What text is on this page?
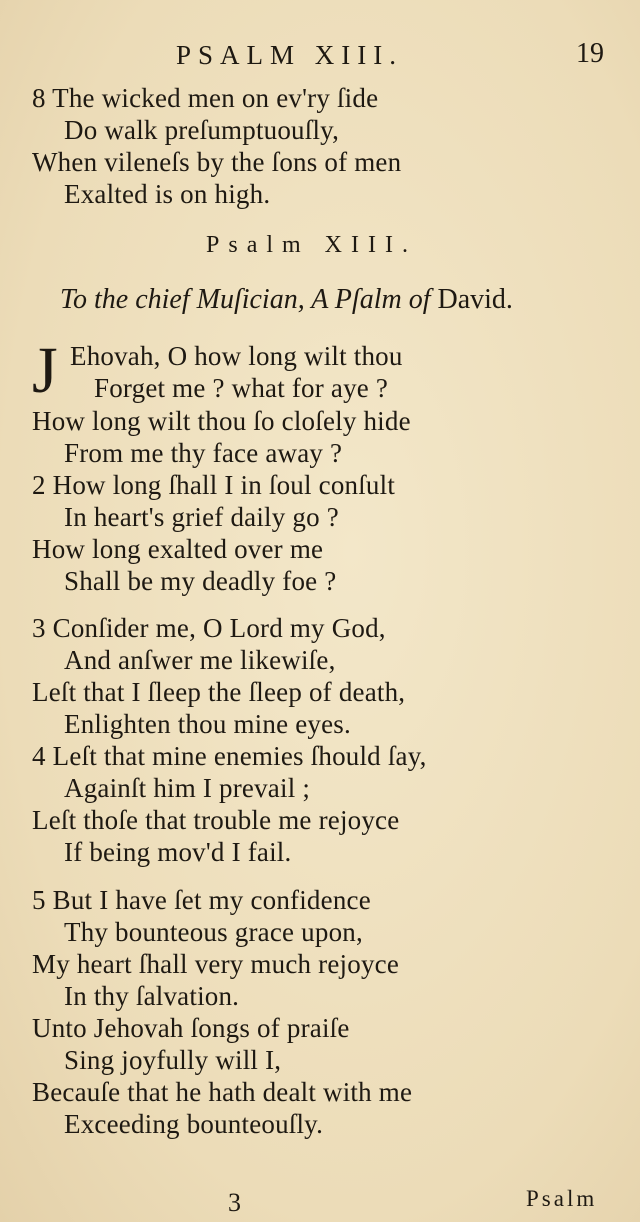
PSALM XIII.	19
8 The wicked men on ev'ry ſide
Do walk preſumptuouſly,
When vileneſs by the ſons of men
Exalted is on high.
Psalm XIII.
To the chief Muſician, A Pſalm of David.
J Ehovah, O how long wilt thou
Forget me ? what for aye ?
How long wilt thou ſo cloſely hide
From me thy face away ?
2 How long ſhall I in ſoul conſult
In heart's grief daily go ?
How long exalted over me
Shall be my deadly foe ?
3 Conſider me, O Lord my God,
And anſwer me likewiſe,
Leſt that I ſleep the ſleep of death,
Enlighten thou mine eyes.
4 Leſt that mine enemies ſhould ſay,
Againſt him I prevail ;
Leſt thoſe that trouble me rejoyce
If being mov'd I fail.
5 But I have ſet my confidence
Thy bounteous grace upon,
My heart ſhall very much rejoyce
In thy ſalvation.
Unto Jehovah ſongs of praiſe
Sing joyfully will I,
Becauſe that he hath dealt with me
Exceeding bounteouſly.
3	Psalm
